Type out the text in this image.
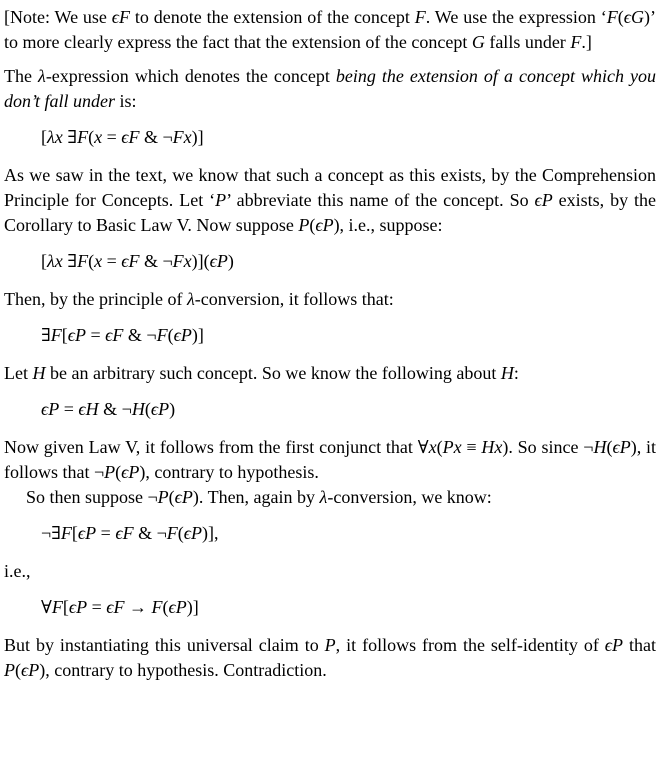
[Note: We use ϵF to denote the extension of the concept F. We use the expression ‘F(ϵG)’ to more clearly express the fact that the extension of the concept G falls under F.]
The λ-expression which denotes the concept being the extension of a concept which you don’t fall under is:
[λx ∃F(x = ϵF & ¬Fx)]
As we saw in the text, we know that such a concept as this exists, by the Comprehension Principle for Concepts. Let ‘P’ abbreviate this name of the concept. So ϵP exists, by the Corollary to Basic Law V. Now suppose P(ϵP), i.e., suppose:
[λx ∃F(x = ϵF & ¬Fx)](ϵP)
Then, by the principle of λ-conversion, it follows that:
∃F[ϵP = ϵF & ¬F(ϵP)]
Let H be an arbitrary such concept. So we know the following about H:
ϵP = ϵH & ¬H(ϵP)
Now given Law V, it follows from the first conjunct that ∀x(Px ≡ Hx). So since ¬H(ϵP), it follows that ¬P(ϵP), contrary to hypothesis.
So then suppose ¬P(ϵP). Then, again by λ-conversion, we know:
¬∃F[ϵP = ϵF & ¬F(ϵP)],
i.e.,
∀F[ϵP = ϵF → F(ϵP)]
But by instantiating this universal claim to P, it follows from the self-identity of ϵP that P(ϵP), contrary to hypothesis. Contradiction.
